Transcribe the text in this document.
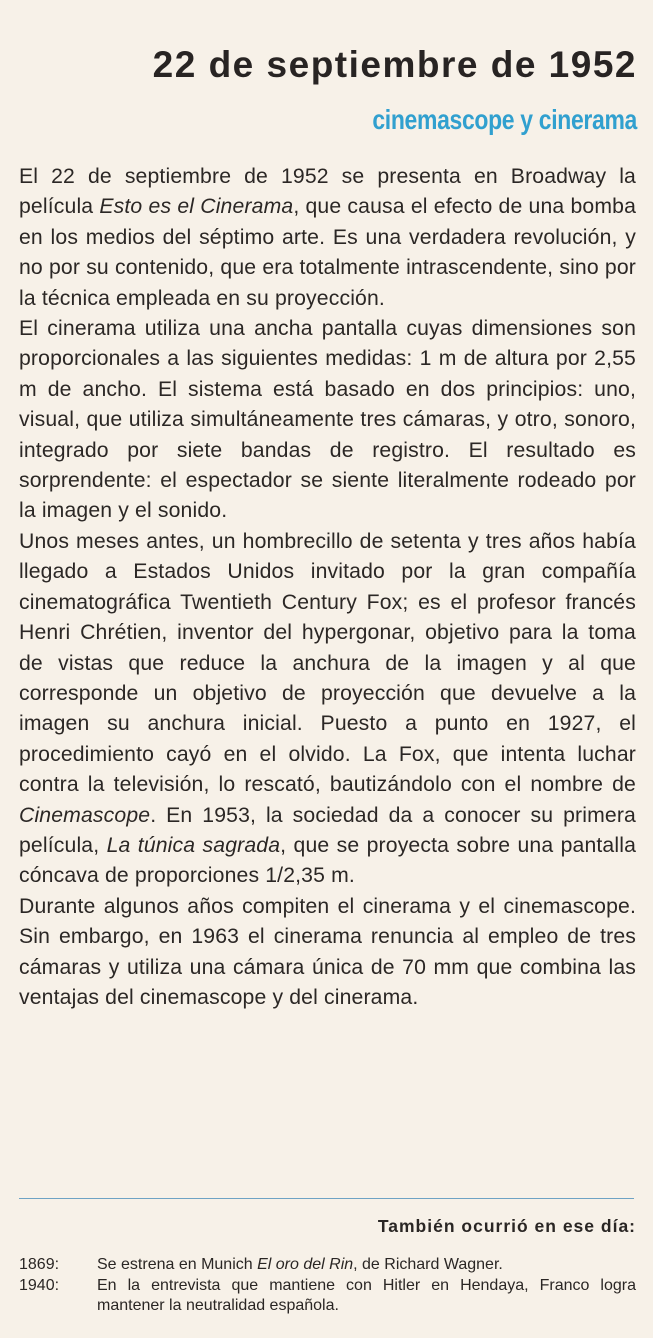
22 de septiembre de 1952
cinemascope y cinerama

El 22 de septiembre de 1952 se presenta en Broadway la película Esto es el Cinerama, que causa el efecto de una bomba en los medios del séptimo arte. Es una verdadera revolución, y no por su contenido, que era totalmente intrascendente, sino por la técnica empleada en su proyección.

El cinerama utiliza una ancha pantalla cuyas dimensiones son proporcionales a las siguientes medidas: 1 m de altura por 2,55 m de ancho. El sistema está basado en dos principios: uno, visual, que utiliza simultáneamente tres cámaras, y otro, sonoro, integrado por siete bandas de registro. El resultado es sorprendente: el espectador se siente literalmente rodeado por la imagen y el sonido.

Unos meses antes, un hombrecillo de setenta y tres años había llegado a Estados Unidos invitado por la gran compañía cinematográfica Twentieth Century Fox; es el profesor francés Henri Chrétien, inventor del hypergonar, objetivo para la toma de vistas que reduce la anchura de la imagen y al que corresponde un objetivo de proyección que devuelve a la imagen su anchura inicial. Puesto a punto en 1927, el procedimiento cayó en el olvido. La Fox, que intenta luchar contra la televisión, lo rescató, bautizándolo con el nombre de Cinemascope. En 1953, la sociedad da a conocer su primera película, La túnica sagrada, que se proyecta sobre una pantalla cóncava de proporciones 1/2,35 m.

Durante algunos años compiten el cinerama y el cinemascope. Sin embargo, en 1963 el cinerama renuncia al empleo de tres cámaras y utiliza una cámara única de 70 mm que combina las ventajas del cinemascope y del cinerama.

También ocurrió en ese día:
1869:	Se estrena en Munich El oro del Rin, de Richard Wagner.
1940:	En la entrevista que mantiene con Hitler en Hendaya, Franco logra mantener la neutralidad española.
